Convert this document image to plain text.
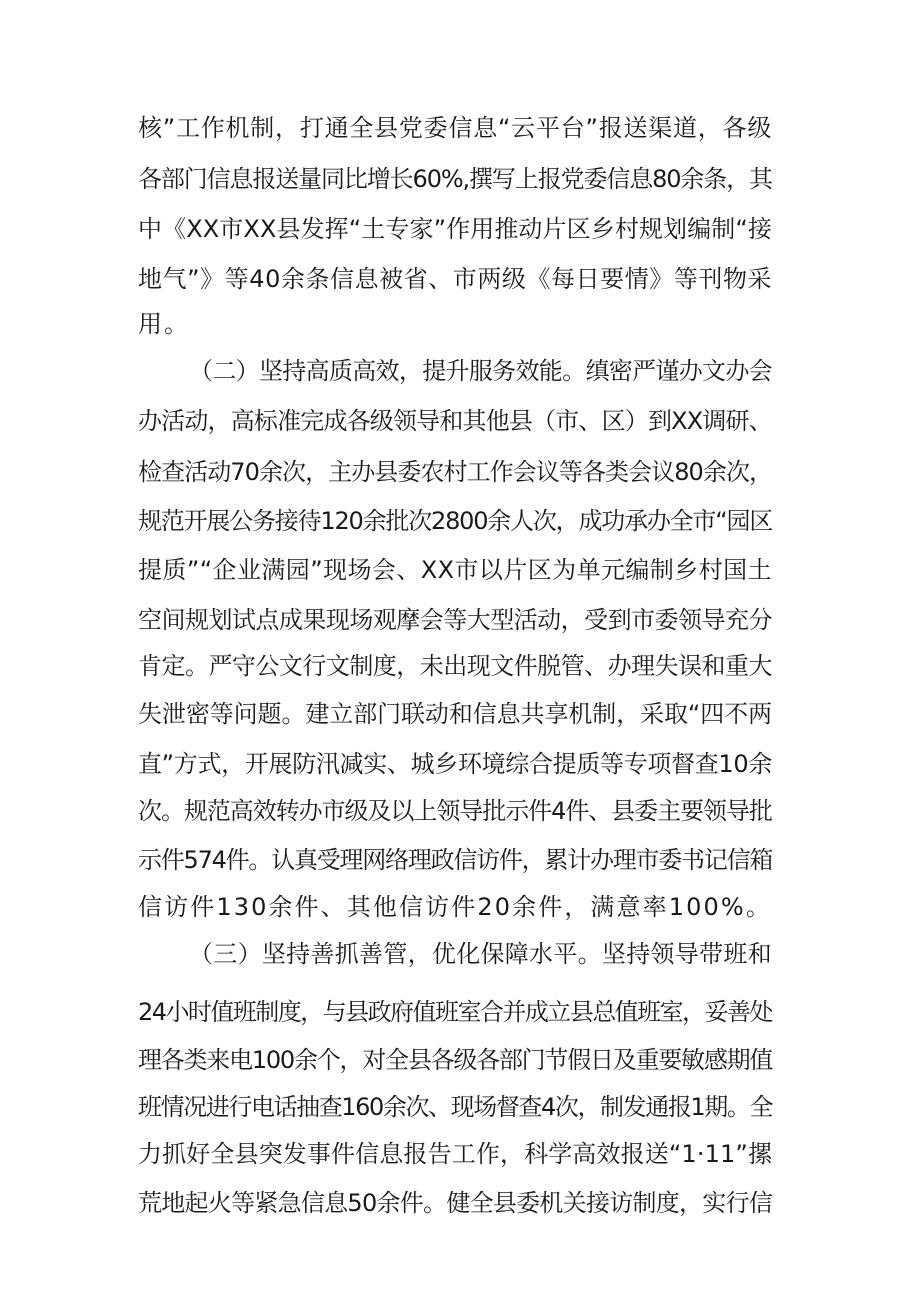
核”工作机制，打通全县党委信息“云平台”报送渠道，各级
各部门信息报送量同比增长60%,撰写上报党委信息80余条，其
中《XX市XX县发挥“土专家”作用推动片区乡村规划编制“接
地气”》等40余条信息被省、市两级《每日要情》等刊物采
用。
（二）坚持高质高效，提升服务效能。缜密严谨办文办会
办活动，高标准完成各级领导和其他县（市、区）到XX调研、
检查活动70余次，主办县委农村工作会议等各类会议80余次，
规范开展公务接待120余批次2800余人次，成功承办全市“园区
提质”“企业满园”现场会、XX市以片区为单元编制乡村国土
空间规划试点成果现场观摩会等大型活动，受到市委领导充分
肯定。严守公文行文制度，未出现文件脱管、办理失误和重大
失泄密等问题。建立部门联动和信息共享机制，采取“四不两
直”方式，开展防汛减实、城乡环境综合提质等专项督查10余
次。规范高效转办市级及以上领导批示件4件、县委主要领导批
示件574件。认真受理网络理政信访件，累计办理市委书记信箱
信访件130余件、其他信访件20余件，满意率100%。
（三）坚持善抓善管，优化保障水平。坚持领导带班和
24小时值班制度，与县政府值班室合并成立县总值班室，妥善处
理各类来电100余个，对全县各级各部门节假日及重要敏感期值
班情况进行电话抽查160余次、现场督查4次，制发通报1期。全
力抓好全县突发事件信息报告工作，科学高效报送“1·11”摞
荒地起火等紧急信息50余件。健全县委机关接访制度，实行信
